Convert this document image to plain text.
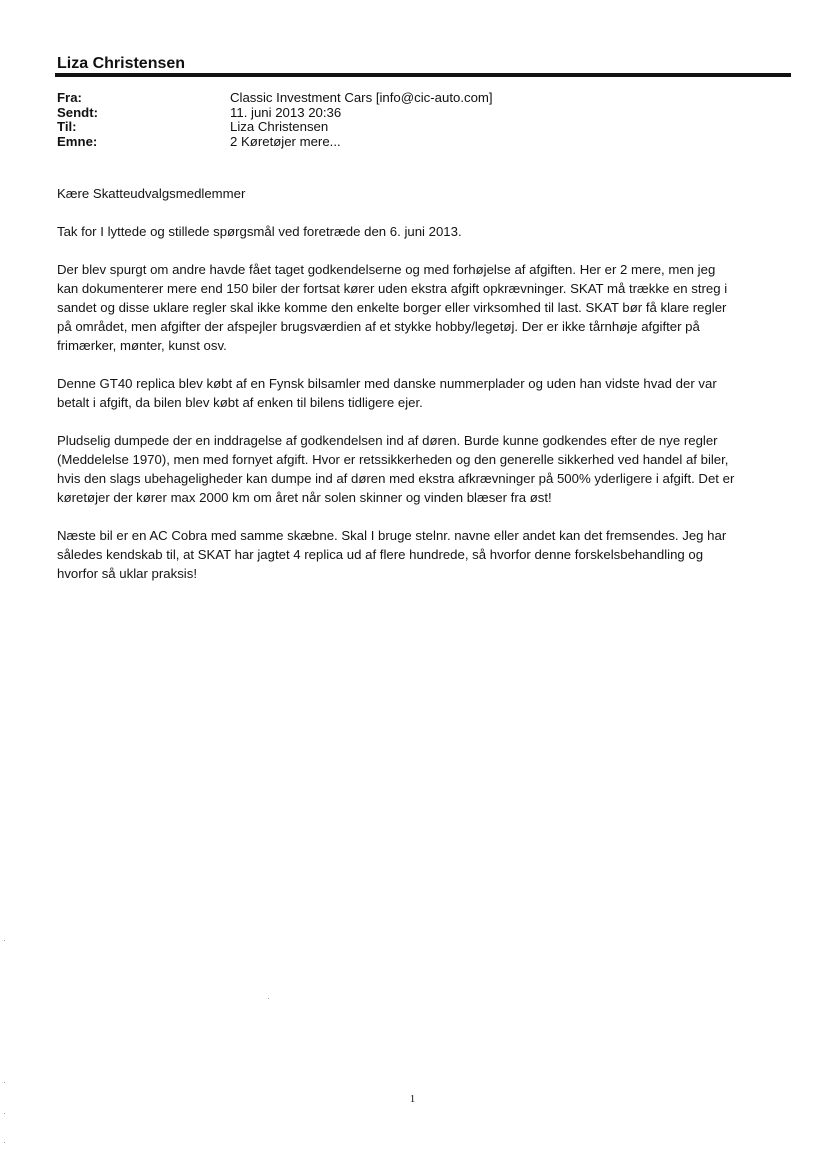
Liza Christensen
Fra:	Classic Investment Cars [info@cic-auto.com]
Sendt:	11. juni 2013 20:36
Til:	Liza Christensen
Emne:	2 Køretøjer mere...

Kære Skatteudvalgsmedlemmer

Tak for I lyttede og stillede spørgsmål ved foretræde den 6. juni 2013.

Der blev spurgt om andre havde fået taget godkendelserne og med forhøjelse af afgiften. Her er 2 mere, men jeg
kan dokumenterer mere end 150 biler der fortsat kører uden ekstra afgift opkrævninger. SKAT må trække en streg i
sandet og disse uklare regler skal ikke komme den enkelte borger eller virksomhed til last. SKAT bør få klare regler
på området, men afgifter der afspejler brugsværdien af et stykke hobby/legetøj. Der er ikke tårnhøje afgifter på
frimærker, mønter, kunst osv.

Denne GT40 replica blev købt af en Fynsk bilsamler med danske nummerplader og uden han vidste hvad der var
betalt i afgift, da bilen blev købt af enken til bilens tidligere ejer.

Pludselig dumpede der en inddragelse af godkendelsen ind af døren. Burde kunne godkendes efter de nye regler
(Meddelelse 1970), men med fornyet afgift. Hvor er retssikkerheden og den generelle sikkerhed ved handel af biler,
hvis den slags ubehageligheder kan dumpe ind af døren med ekstra afkrævninger på 500% yderligere i afgift. Det er
køretøjer der kører max 2000 km om året når solen skinner og vinden blæser fra øst!

Næste bil er en AC Cobra med samme skæbne. Skal I bruge stelnr. navne eller andet kan det fremsendes. Jeg har
således kendskab til, at SKAT har jagtet 4 replica ud af flere hundrede, så hvorfor denne forskelsbehandling og
hvorfor så uklar praksis!

1
